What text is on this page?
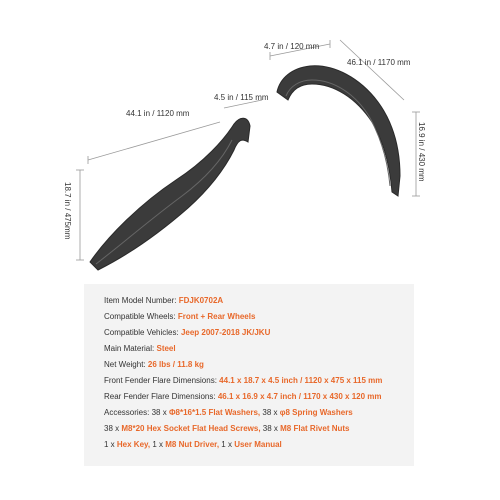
4.7 in / 120 mm
46.1 in / 1170 mm
16.9 in / 430 mm
4.5 in / 115 mm
44.1 in / 1120 mm
18.7 in / 475mm
Item Model Number: FDJK0702A
Compatible Wheels: Front + Rear Wheels
Compatible Vehicles: Jeep 2007-2018 JK/JKU
Main Material: Steel
Net Weight: 26 lbs / 11.8 kg
Front Fender Flare Dimensions: 44.1 x 18.7 x 4.5 inch / 1120 x 475 x 115 mm
Rear Fender Flare Dimensions: 46.1 x 16.9 x 4.7 inch / 1170 x 430 x 120 mm
Accessories: 38 x Φ8*16*1.5 Flat Washers, 38 x φ8 Spring Washers
38 x M8*20 Hex Socket Flat Head Screws, 38 x M8 Flat Rivet Nuts
1 x Hex Key, 1 x M8 Nut Driver, 1 x User Manual
